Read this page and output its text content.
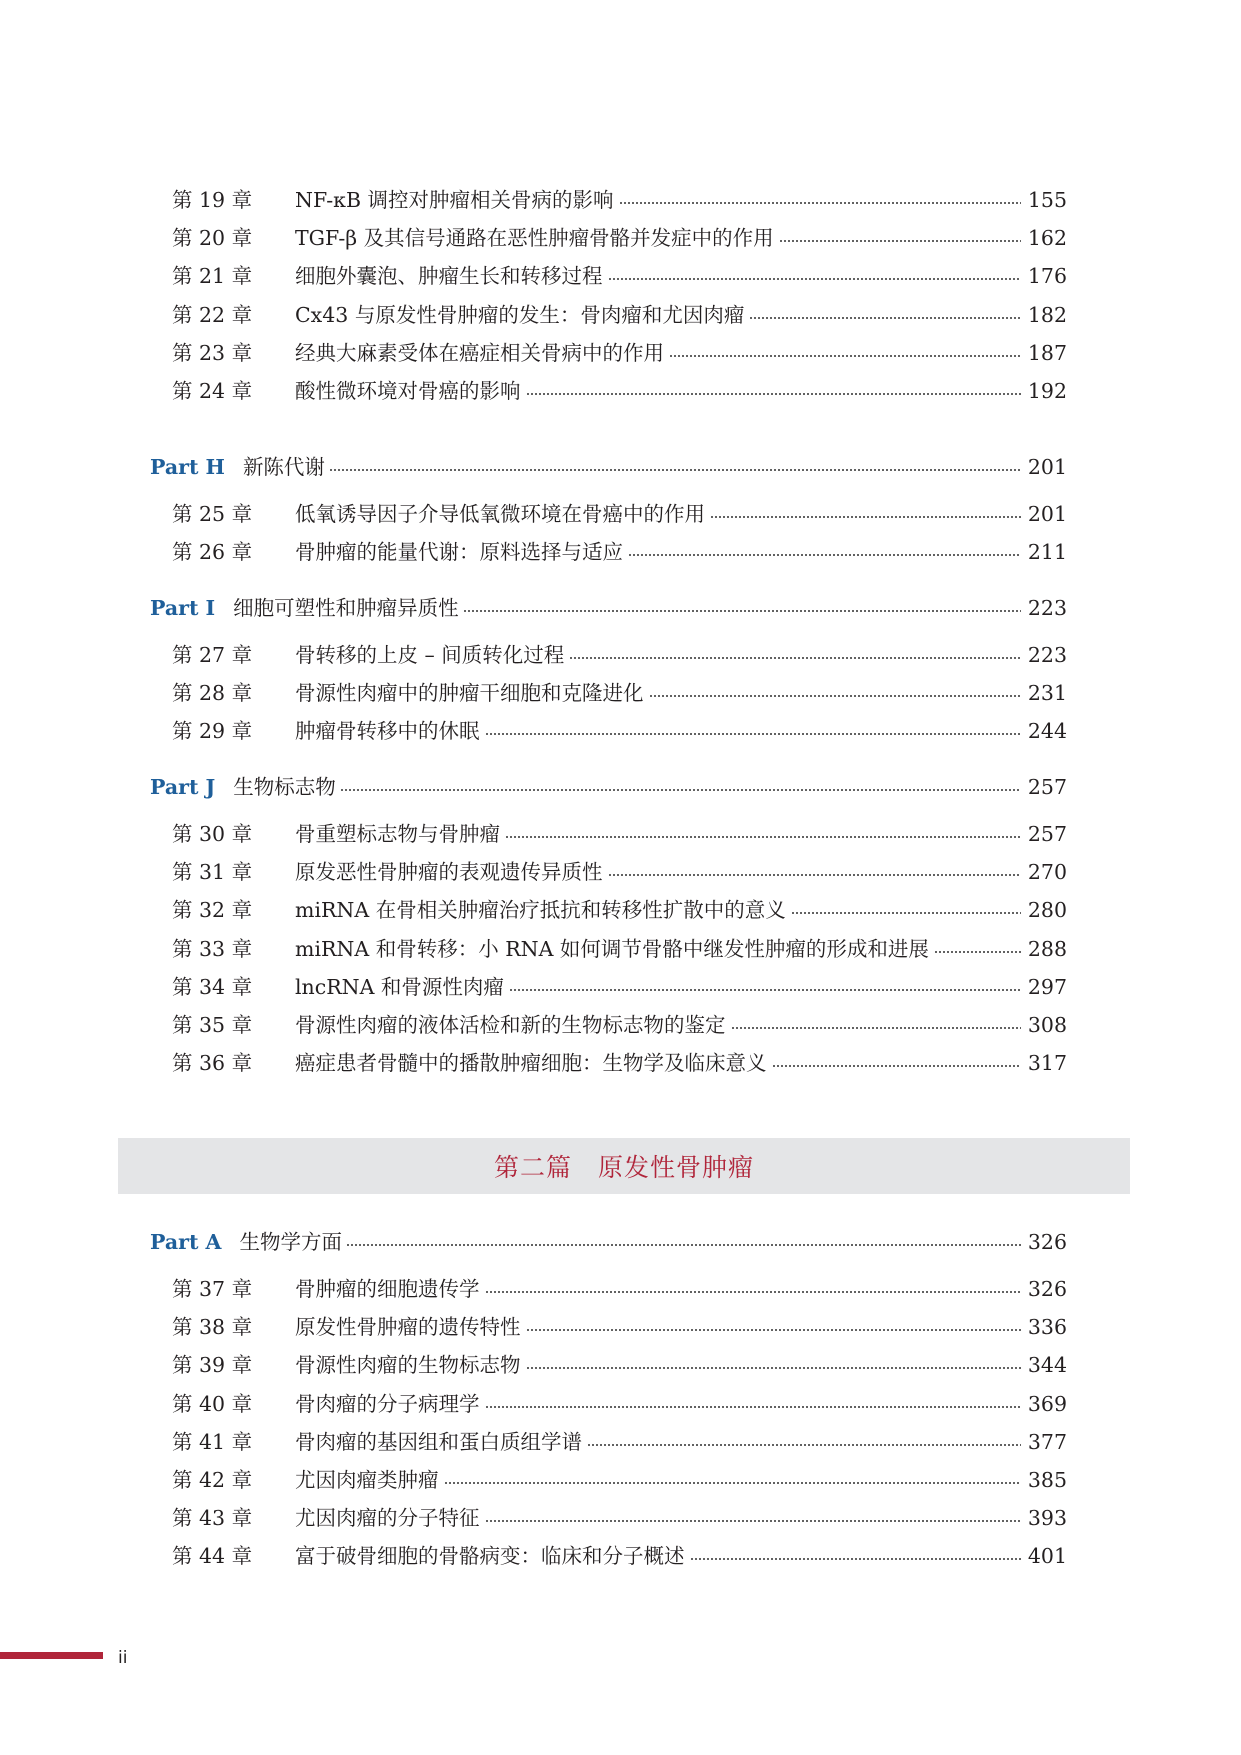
第 19 章	NF-κB 调控对肿瘤相关骨病的影响	155
第 20 章	TGF-β 及其信号通路在恶性肿瘤骨骼并发症中的作用	162
第 21 章	细胞外囊泡、肿瘤生长和转移过程	176
第 22 章	Cx43 与原发性骨肿瘤的发生：骨肉瘤和尤因肉瘤	182
第 23 章	经典大麻素受体在癌症相关骨病中的作用	187
第 24 章	酸性微环境对骨癌的影响	192
Part H 新陈代谢	201
第 25 章	低氧诱导因子介导低氧微环境在骨癌中的作用	201
第 26 章	骨肿瘤的能量代谢：原料选择与适应	211
Part I 细胞可塑性和肿瘤异质性	223
第 27 章	骨转移的上皮 – 间质转化过程	223
第 28 章	骨源性肉瘤中的肿瘤干细胞和克隆进化	231
第 29 章	肿瘤骨转移中的休眠	244
Part J 生物标志物	257
第 30 章	骨重塑标志物与骨肿瘤	257
第 31 章	原发恶性骨肿瘤的表观遗传异质性	270
第 32 章	miRNA 在骨相关肿瘤治疗抵抗和转移性扩散中的意义	280
第 33 章	miRNA 和骨转移：小 RNA 如何调节骨骼中继发性肿瘤的形成和进展	288
第 34 章	lncRNA 和骨源性肉瘤	297
第 35 章	骨源性肉瘤的液体活检和新的生物标志物的鉴定	308
第 36 章	癌症患者骨髓中的播散肿瘤细胞：生物学及临床意义	317
Part A 生物学方面	326
第 37 章	骨肿瘤的细胞遗传学	326
第 38 章	原发性骨肿瘤的遗传特性	336
第 39 章	骨源性肉瘤的生物标志物	344
第 40 章	骨肉瘤的分子病理学	369
第 41 章	骨肉瘤的基因组和蛋白质组学谱	377
第 42 章	尤因肉瘤类肿瘤	385
第 43 章	尤因肉瘤的分子特征	393
第 44 章	富于破骨细胞的骨骼病变：临床和分子概述	401
第二篇　原发性骨肿瘤
ii
